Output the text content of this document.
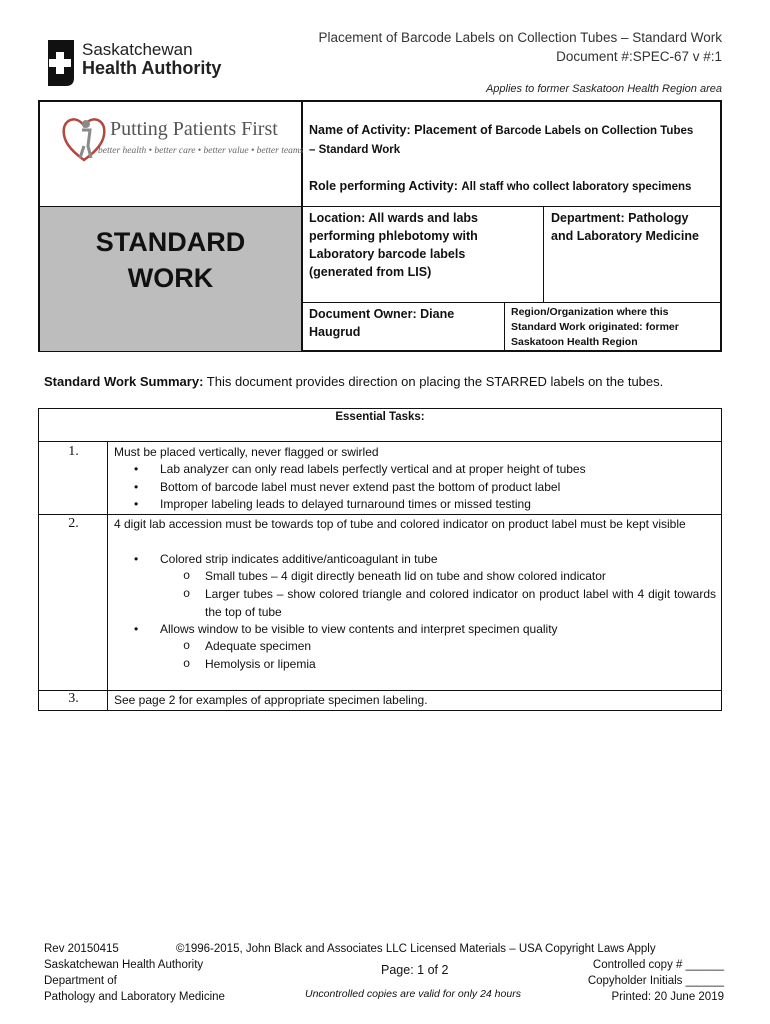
Saskatchewan
Health Authority
Placement of Barcode Labels on Collection Tubes – Standard Work
Document #:SPEC-67 v #:1
Applies to former Saskatoon Health Region area
Putting Patients First
better health • better care • better value • better teams
STANDARD
WORK
Name of Activity: Placement of Barcode Labels on Collection Tubes
– Standard Work
Role performing Activity: All staff who collect laboratory specimens
Location: All wards and labs
performing phlebotomy with
Laboratory barcode labels
(generated from LIS)
Department: Pathology
and Laboratory Medicine
Document Owner: Diane
Haugrud
Region/Organization where this
Standard Work originated: former
Saskatoon Health Region
Standard Work Summary: This document provides direction on placing the STARRED labels on the tubes.
Essential Tasks:
1.	Must be placed vertically, never flagged or swirled
• Lab analyzer can only read labels perfectly vertical and at proper height of tubes
• Bottom of barcode label must never extend past the bottom of product label
• Improper labeling leads to delayed turnaround times or missed testing
2.	4 digit lab accession must be towards top of tube and colored indicator on product label must be kept visible
• Colored strip indicates additive/anticoagulant in tube
o Small tubes – 4 digit directly beneath lid on tube and show colored indicator
o Larger tubes – show colored triangle and colored indicator on product label with 4 digit towards the top of tube
• Allows window to be visible to view contents and interpret specimen quality
o Adequate specimen
o Hemolysis or lipemia
3.	See page 2 for examples of appropriate specimen labeling.
Rev 20150415
Saskatchewan Health Authority
Department of
Pathology and Laboratory Medicine
©1996-2015, John Black and Associates LLC Licensed Materials – USA Copyright Laws Apply
Page: 1 of 2
Uncontrolled copies are valid for only 24 hours
Controlled copy # ______
Copyholder Initials ______
Printed: 20 June 2019
